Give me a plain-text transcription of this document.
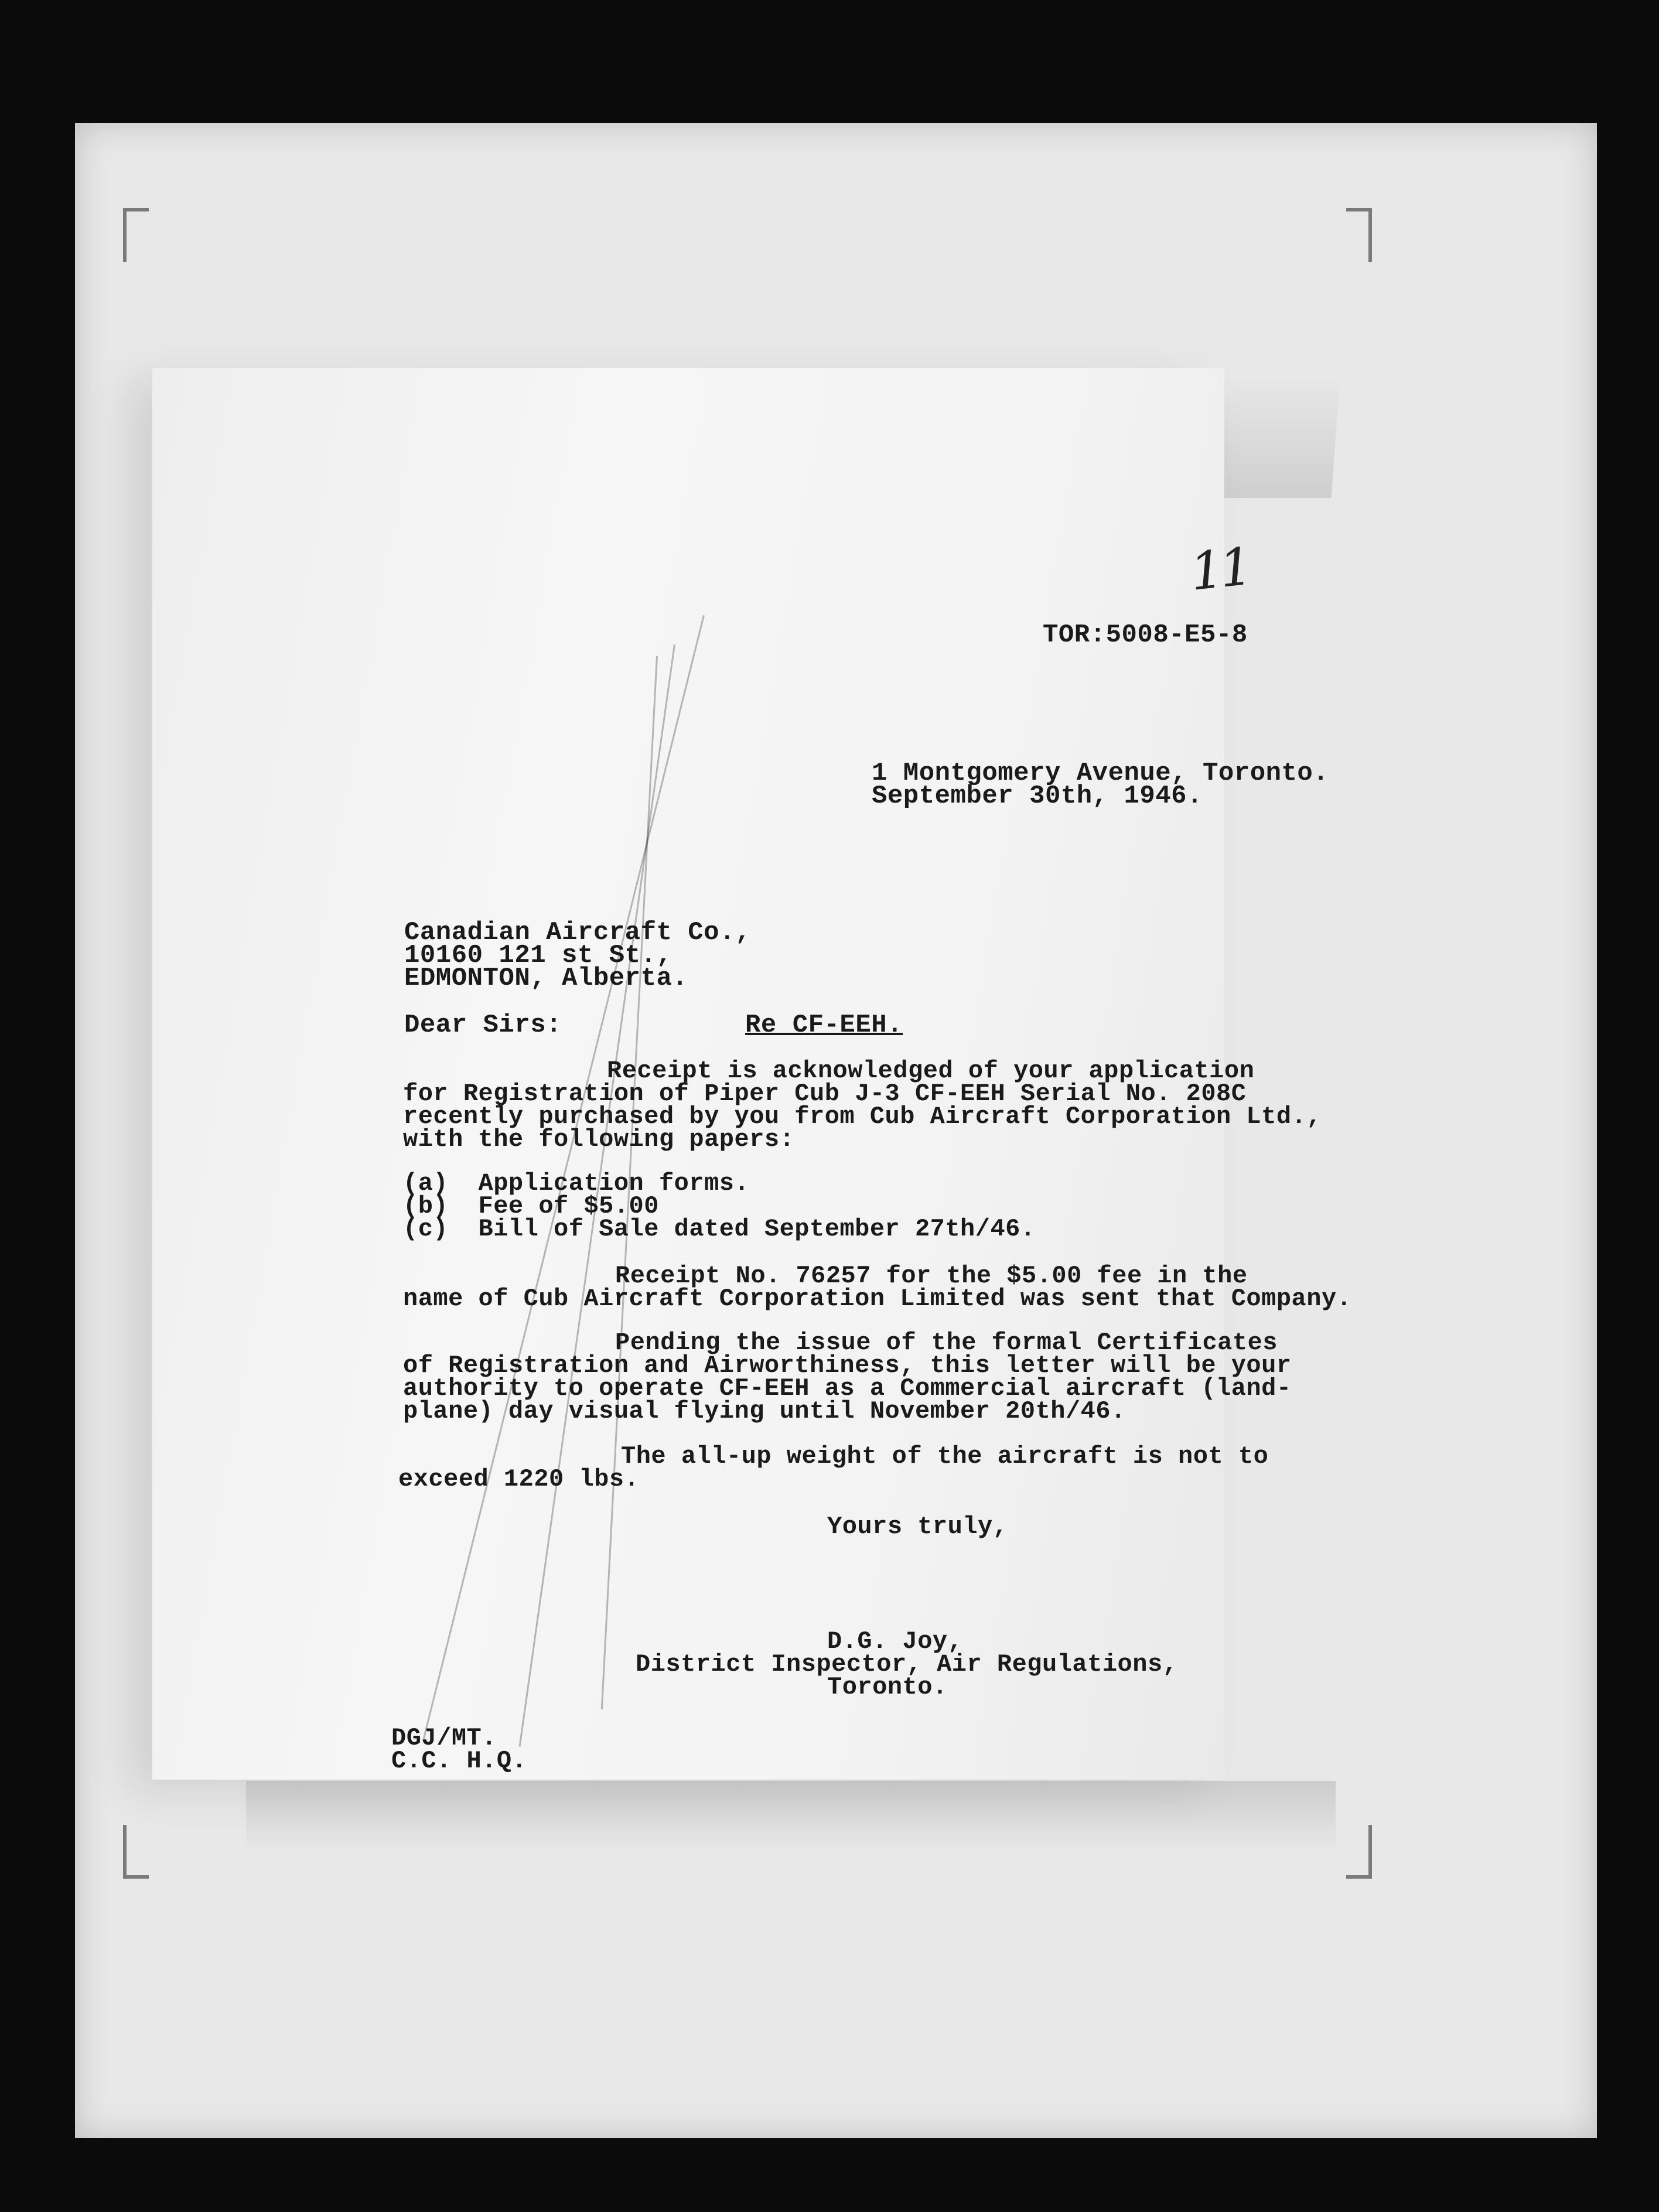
11
TOR:5008-E5-8
1 Montgomery Avenue, Toronto.
September 30th, 1946.
Canadian Aircraft Co.,
10160 121 st St.,
EDMONTON, Alberta.
Dear Sirs:	Re CF-EEH.
Receipt is acknowledged of your application
for Registration of Piper Cub J-3 CF-EEH Serial No. 208C
recently purchased by you from Cub Aircraft Corporation Ltd.,
with the following papers:
(a)  Application forms.
(b)  Fee of $5.00
(c)  Bill of Sale dated September 27th/46.
Receipt No. 76257 for the $5.00 fee in the
name of Cub Aircraft Corporation Limited was sent that Company.
Pending the issue of the formal Certificates
of Registration and Airworthiness, this letter will be your
authority to operate CF-EEH as a Commercial aircraft (land-
plane) day visual flying until November 20th/46.
The all-up weight of the aircraft is not to
exceed 1220 lbs.
Yours truly,
D.G. Joy,
District Inspector, Air Regulations,
Toronto.
DGJ/MT.
C.C. H.Q.
